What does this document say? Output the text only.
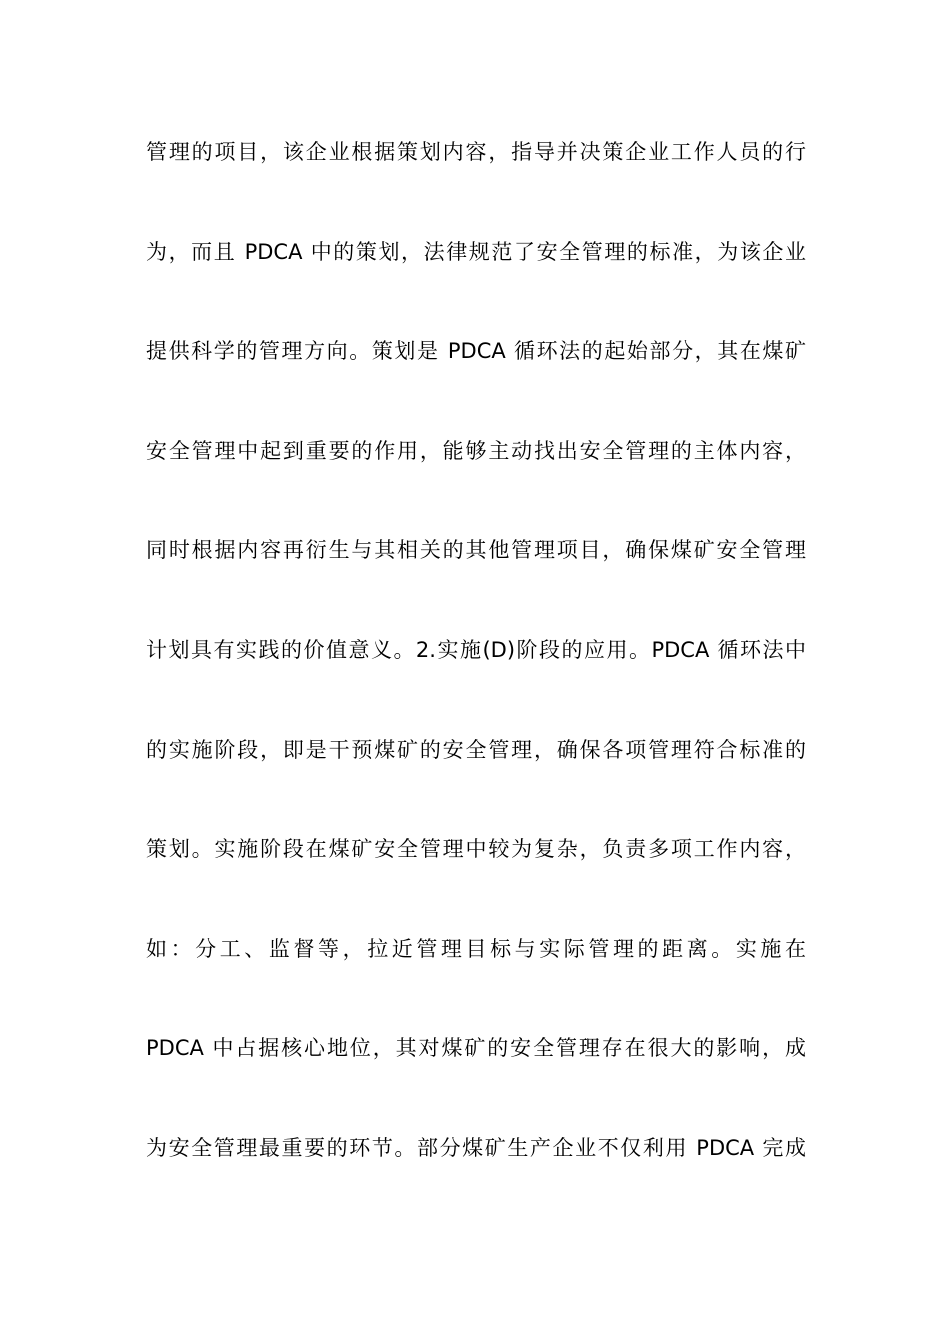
管理的项目，该企业根据策划内容，指导并决策企业工作人员的行
为，而且 PDCA 中的策划，法律规范了安全管理的标准，为该企业
提供科学的管理方向。策划是 PDCA 循环法的起始部分，其在煤矿
安全管理中起到重要的作用，能够主动找出安全管理的主体内容，
同时根据内容再衍生与其相关的其他管理项目，确保煤矿安全管理
计划具有实践的价值意义。2.实施(D)阶段的应用。PDCA 循环法中
的实施阶段，即是干预煤矿的安全管理，确保各项管理符合标准的
策划。实施阶段在煤矿安全管理中较为复杂，负责多项工作内容，
如：分工、监督等，拉近管理目标与实际管理的距离。实施在
PDCA 中占据核心地位，其对煤矿的安全管理存在很大的影响，成
为安全管理最重要的环节。部分煤矿生产企业不仅利用 PDCA 完成
